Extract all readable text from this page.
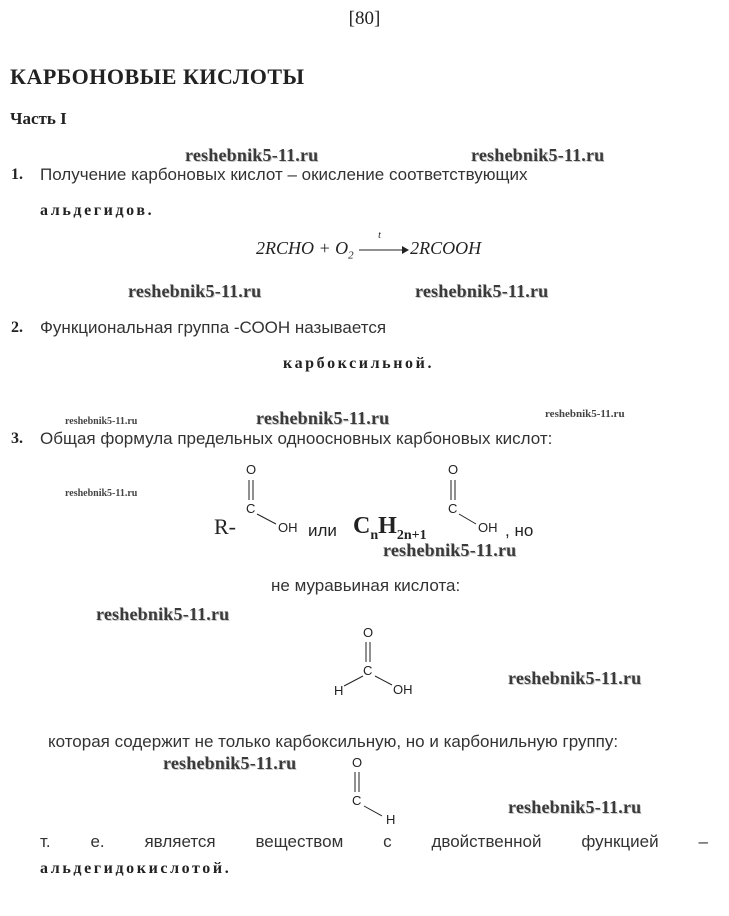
[80]
КАРБОНОВЫЕ КИСЛОТЫ
Часть I
reshebnik5-11.ru	reshebnik5-11.ru
reshebnik5-11.ru	reshebnik5-11.ru
reshebnik5-11.ru
reshebnik5-11.ru
reshebnik5-11.ru
reshebnik5-11.ru
reshebnik5-11.ru
reshebnik5-11.ru
reshebnik5-11.ru
reshebnik5-11.ru
reshebnik5-11.ru
1. Получение карбоновых кислот – окисление соответствующих
альдегидов.
2RCHO + $O_2$
t
2RCOOH
2. Функциональная группа -СООН называется
карбоксильной.
3. Общая формула предельных одноосновных карбоновых кислот:
R-
O
C
OH или $C_nH_{2n+1}$
O
C
OH , но
не муравьиная кислота:
O
C
H	OH
которая содержит не только карбоксильную, но и карбонильную группу:
O
C
H
т. е. является веществом с двойственной функцией –
альдегидокислотой.
